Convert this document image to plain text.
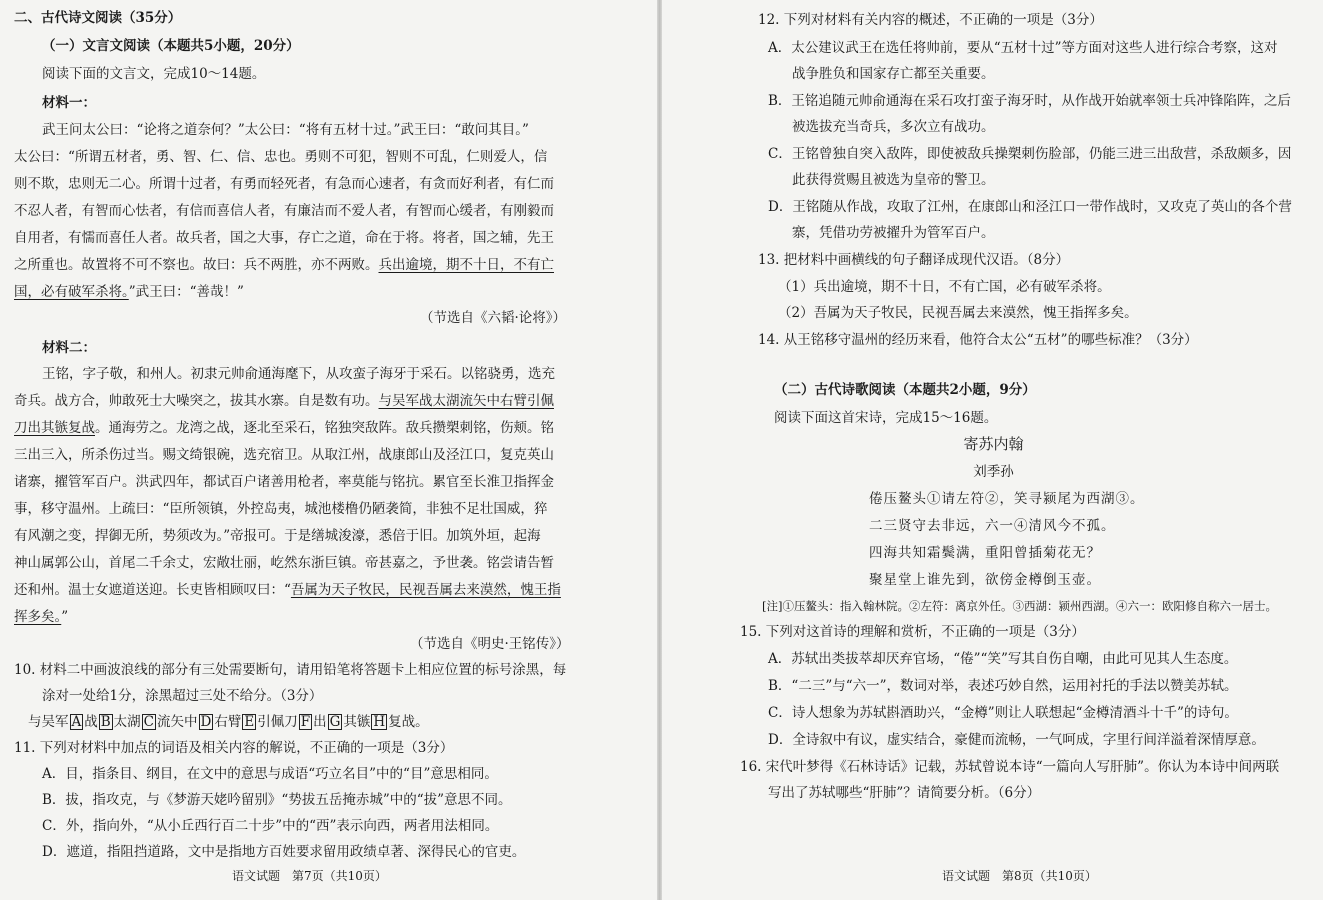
二、古代诗文阅读（35分）
（一）文言文阅读（本题共5小题，20分）
阅读下面的文言文，完成10～14题。
材料一：
武王问太公曰：“论将之道奈何？”太公曰：“将有五材十过。”武王曰：“敢问其目。”
太公曰：“所谓五材者，勇、智、仁、信、忠也。勇则不可犯，智则不可乱，仁则爱人，信
则不欺，忠则无二心。所谓十过者，有勇而轻死者，有急而心速者，有贪而好利者，有仁而
不忍人者，有智而心怯者，有信而喜信人者，有廉洁而不爱人者，有智而心缓者，有刚毅而
自用者，有懦而喜任人者。故兵者，国之大事，存亡之道，命在于将。将者，国之辅，先王
之所重也。故置将不可不察也。故曰：兵不两胜，亦不两败。兵出逾境，期不十日，不有亡
国，必有破军杀将。”武王曰：“善哉！”
（节选自《六韬·论将》）
材料二：
王铭，字子敬，和州人。初隶元帅俞通海麾下，从攻蛮子海牙于采石。以铭骁勇，选充
奇兵。战方合，帅敢死士大噪突之，拔其水寨。自是数有功。与吴军战太湖流矢中右臂引佩
刀出其镞复战。通海劳之。龙湾之战，逐北至采石，铭独突敌阵。敌兵攒槊刺铭，伤颊。铭
三出三入，所杀伤过当。赐文绮银碗，选充宿卫。从取江州，战康郎山及泾江口，复克英山
诸寨，擢管军百户。洪武四年，都试百户诸善用枪者，率莫能与铭抗。累官至长淮卫指挥金
事，移守温州。上疏曰：“臣所领镇，外控岛夷，城池楼橹仍陋袭简，非独不足壮国威，猝
有风潮之变，捍御无所，势须改为。”帝报可。于是缮城浚濠，悉倍于旧。加筑外垣，起海
神山属郭公山，首尾二千余丈，宏敞壮丽，屹然东浙巨镇。帝甚嘉之，予世袭。铭尝请告暂
还和州。温士女遮道送迎。长吏皆相顾叹曰：“吾属为天子牧民，民视吾属去来漠然，愧王指
挥多矣。”
（节选自《明史·王铭传》）
10. 材料二中画波浪线的部分有三处需要断句，请用铅笔将答题卡上相应位置的标号涂黑，每
涂对一处给1分，涂黑超过三处不给分。（3分）
与吴军 A 战 B 太湖 C 流矢中 D 右臂 E 引佩刀 F 出 G 其镞 H 复战。
11. 下列对材料中加点的词语及相关内容的解说，不正确的一项是（3分）
A．目，指条目、纲目，在文中的意思与成语“巧立名目”中的“目”意思相同。
B．拔，指攻克，与《梦游天姥吟留别》“势拔五岳掩赤城”中的“拔”意思不同。
C．外，指向外，“从小丘西行百二十步”中的“西”表示向西，两者用法相同。
D．遮道，指阻挡道路，文中是指地方百姓要求留用政绩卓著、深得民心的官吏。
语文试题　第7页（共10页）
12. 下列对材料有关内容的概述，不正确的一项是（3分）
A．太公建议武王在选任将帅前，要从“五材十过”等方面对这些人进行综合考察，这对
战争胜负和国家存亡都至关重要。
B．王铭追随元帅俞通海在采石攻打蛮子海牙时，从作战开始就率领士兵冲锋陷阵，之后
被选拔充当奇兵，多次立有战功。
C．王铭曾独自突入敌阵，即使被敌兵操槊刺伤脸部，仍能三进三出敌营，杀敌颇多，因
此获得赏赐且被选为皇帝的警卫。
D．王铭随从作战，攻取了江州，在康郎山和泾江口一带作战时，又攻克了英山的各个营
寨，凭借功劳被擢升为管军百户。
13. 把材料中画横线的句子翻译成现代汉语。（8分）
（1）兵出逾境，期不十日，不有亡国，必有破军杀将。
（2）吾属为天子牧民，民视吾属去来漠然，愧王指挥多矣。
14. 从王铭移守温州的经历来看，他符合太公“五材”的哪些标准？（3分）
（二）古代诗歌阅读（本题共2小题，9分）
阅读下面这首宋诗，完成15～16题。
寄苏内翰
刘季孙
倦压鳌头①请左符②，笑寻颍尾为西湖③。
二三贤守去非远，六一④清风今不孤。
四海共知霜鬓满，重阳曾插菊花无？
聚星堂上谁先到，欲傍金樽倒玉壶。
[注]①压鳌头：指入翰林院。②左符：离京外任。③西湖：颍州西湖。④六一：欧阳修自称六一居士。
15. 下列对这首诗的理解和赏析，不正确的一项是（3分）
A．苏轼出类拔萃却厌弃官场，“倦”“笑”写其自伤自嘲，由此可见其人生态度。
B．“二三”与“六一”，数词对举，表述巧妙自然，运用衬托的手法以赞美苏轼。
C．诗人想象为苏轼斟酒助兴，“金樽”则让人联想起“金樽清酒斗十千”的诗句。
D．全诗叙中有议，虚实结合，豪健而流畅，一气呵成，字里行间洋溢着深情厚意。
16. 宋代叶梦得《石林诗话》记载，苏轼曾说本诗“一篇向人写肝肺”。你认为本诗中间两联
写出了苏轼哪些“肝肺”？请简要分析。（6分）
语文试题　第8页（共10页）
